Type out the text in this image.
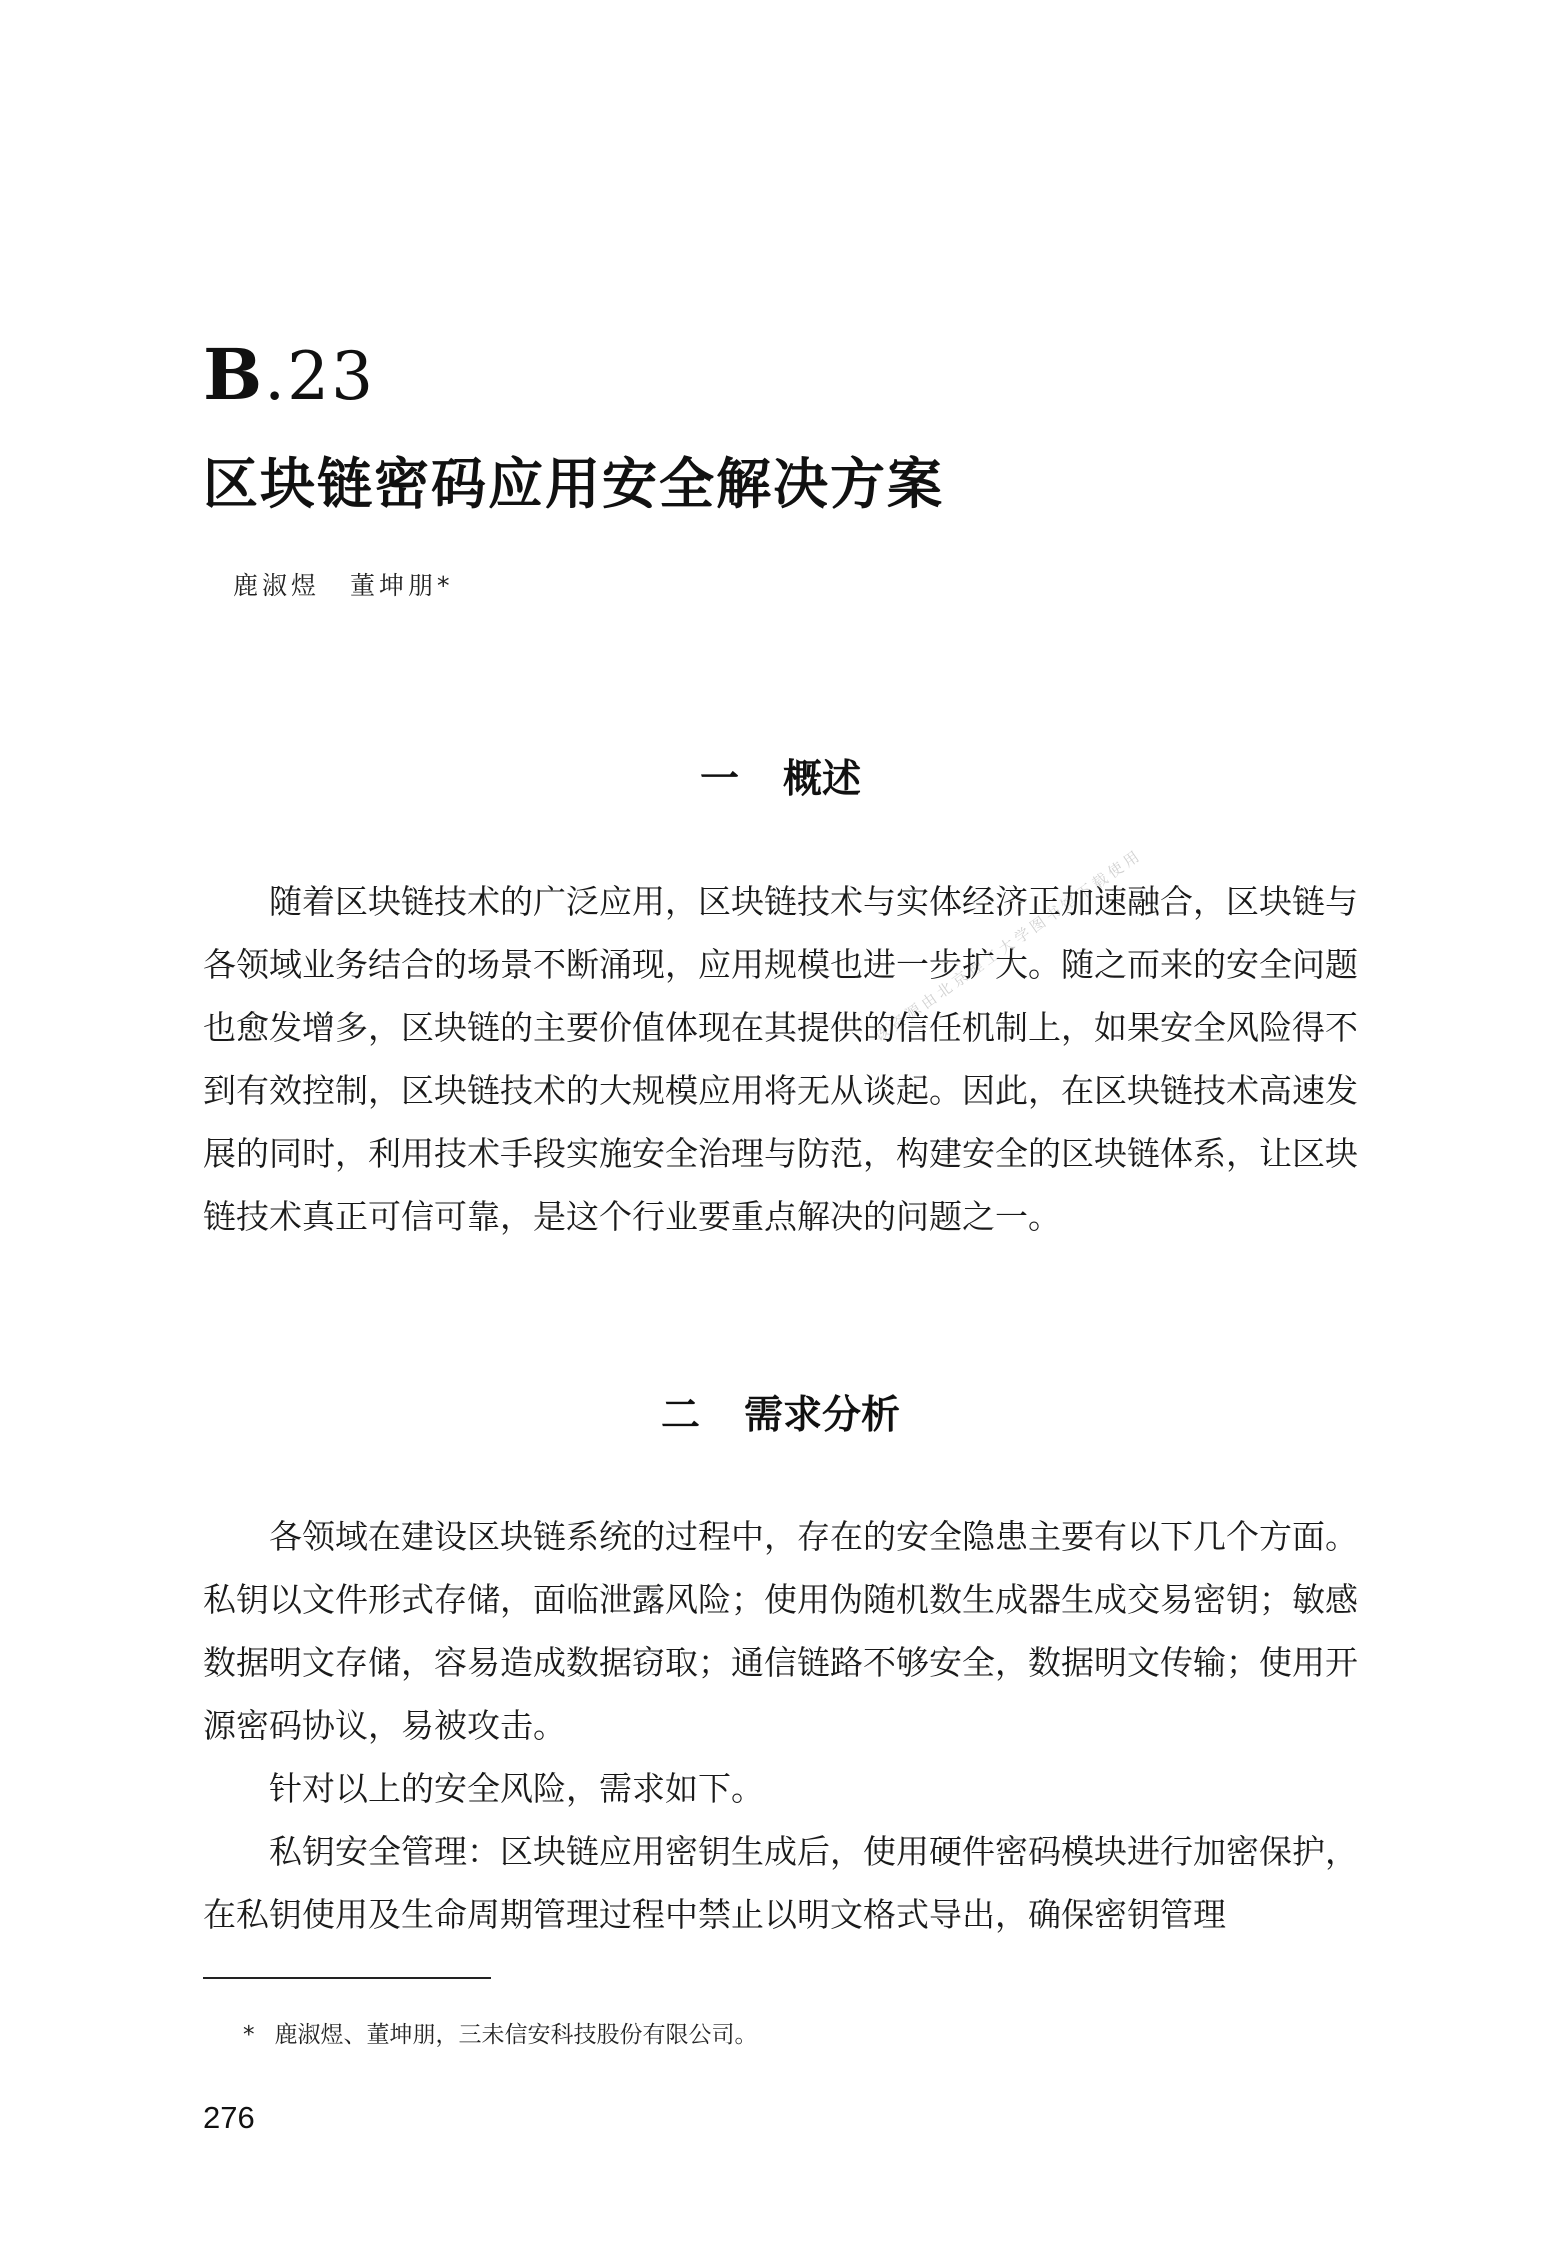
B.23
区块链密码应用安全解决方案
鹿淑煜 董坤朋*
该资源由北京理工大学图书馆下载使用
一 概述

随着区块链技术的广泛应用，区块链技术与实体经济正加速融合，区块链与各领域业务结合的场景不断涌现，应用规模也进一步扩大。随之而来的安全问题也愈发增多，区块链的主要价值体现在其提供的信任机制上，如果安全风险得不到有效控制，区块链技术的大规模应用将无从谈起。因此，在区块链技术高速发展的同时，利用技术手段实施安全治理与防范，构建安全的区块链体系，让区块链技术真正可信可靠，是这个行业要重点解决的问题之一。

二 需求分析

各领域在建设区块链系统的过程中，存在的安全隐患主要有以下几个方面。私钥以文件形式存储，面临泄露风险；使用伪随机数生成器生成交易密钥；敏感数据明文存储，容易造成数据窃取；通信链路不够安全，数据明文传输；使用开源密码协议，易被攻击。

针对以上的安全风险，需求如下。

私钥安全管理：区块链应用密钥生成后，使用硬件密码模块进行加密保护，在私钥使用及生命周期管理过程中禁止以明文格式导出，确保密钥管理

* 鹿淑煜、董坤朋，三未信安科技股份有限公司。
276
